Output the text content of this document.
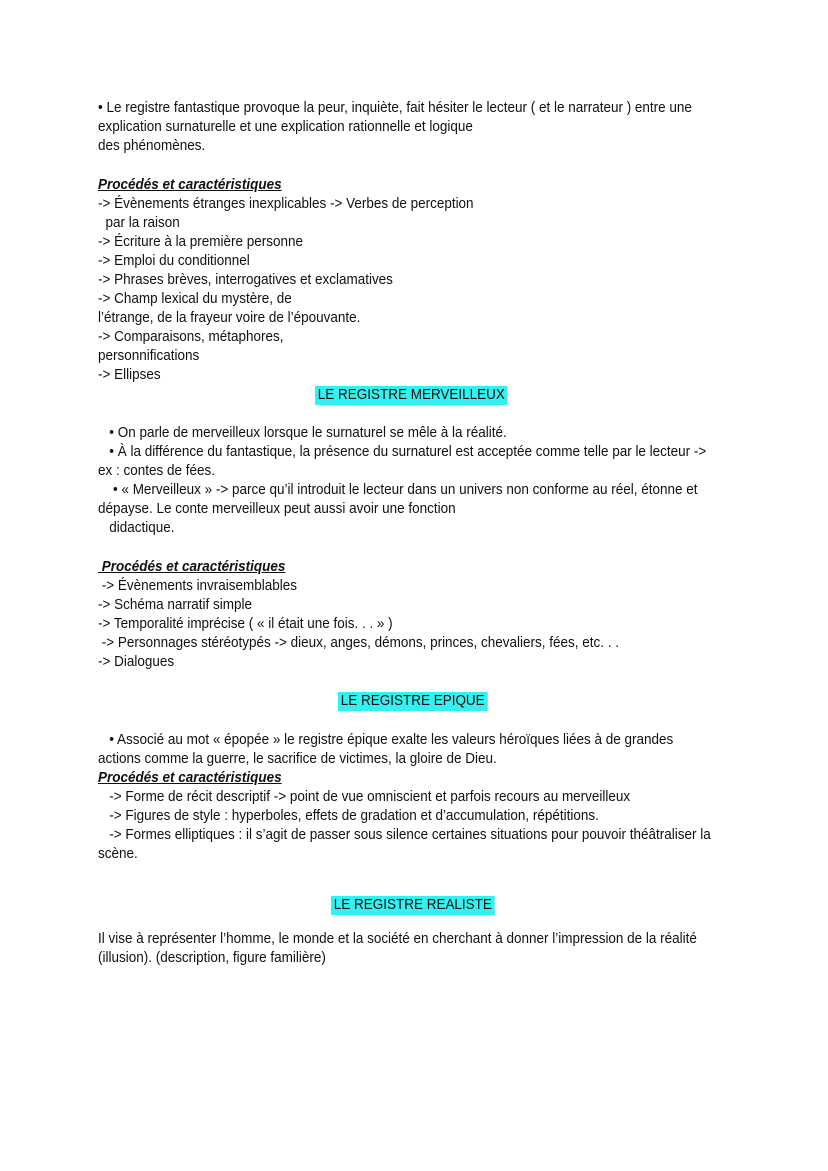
• Le registre fantastique provoque la peur, inquiète, fait hésiter le lecteur ( et le narrateur ) entre une
explication surnaturelle et une explication rationnelle et logique
des phénomènes.
Procédés et caractéristiques
-> Évènements étranges inexplicables -> Verbes de perception
par la raison
-> Écriture à la première personne
-> Emploi du conditionnel
-> Phrases brèves, interrogatives et exclamatives
-> Champ lexical du mystère, de
l’étrange, de la frayeur voire de l’épouvante.
-> Comparaisons, métaphores,
personnifications
-> Ellipses
LE REGISTRE MERVEILLEUX
• On parle de merveilleux lorsque le surnaturel se mêle à la réalité.
• À la différence du fantastique, la présence du surnaturel est acceptée comme telle par le lecteur ->
ex : contes de fées.
• « Merveilleux » -> parce qu’il introduit le lecteur dans un univers non conforme au réel, étonne et
dépayse. Le conte merveilleux peut aussi avoir une fonction
didactique.
Procédés et caractéristiques
-> Évènements invraisemblables
-> Schéma narratif simple
-> Temporalité imprécise ( « il était une fois. . . » )
-> Personnages stéréotypés -> dieux, anges, démons, princes, chevaliers, fées, etc. . .
-> Dialogues
LE REGISTRE EPIQUE
• Associé au mot « épopée » le registre épique exalte les valeurs héroïques liées à de grandes
actions comme la guerre, le sacrifice de victimes, la gloire de Dieu.
Procédés et caractéristiques
-> Forme de récit descriptif -> point de vue omniscient et parfois recours au merveilleux
-> Figures de style : hyperboles, effets de gradation et d’accumulation, répétitions.
-> Formes elliptiques : il s’agit de passer sous silence certaines situations pour pouvoir théâtraliser la
scène.
LE REGISTRE REALISTE
Il vise à représenter l’homme, le monde et la société en cherchant à donner l’impression de la réalité
(illusion). (description, figure familière)
